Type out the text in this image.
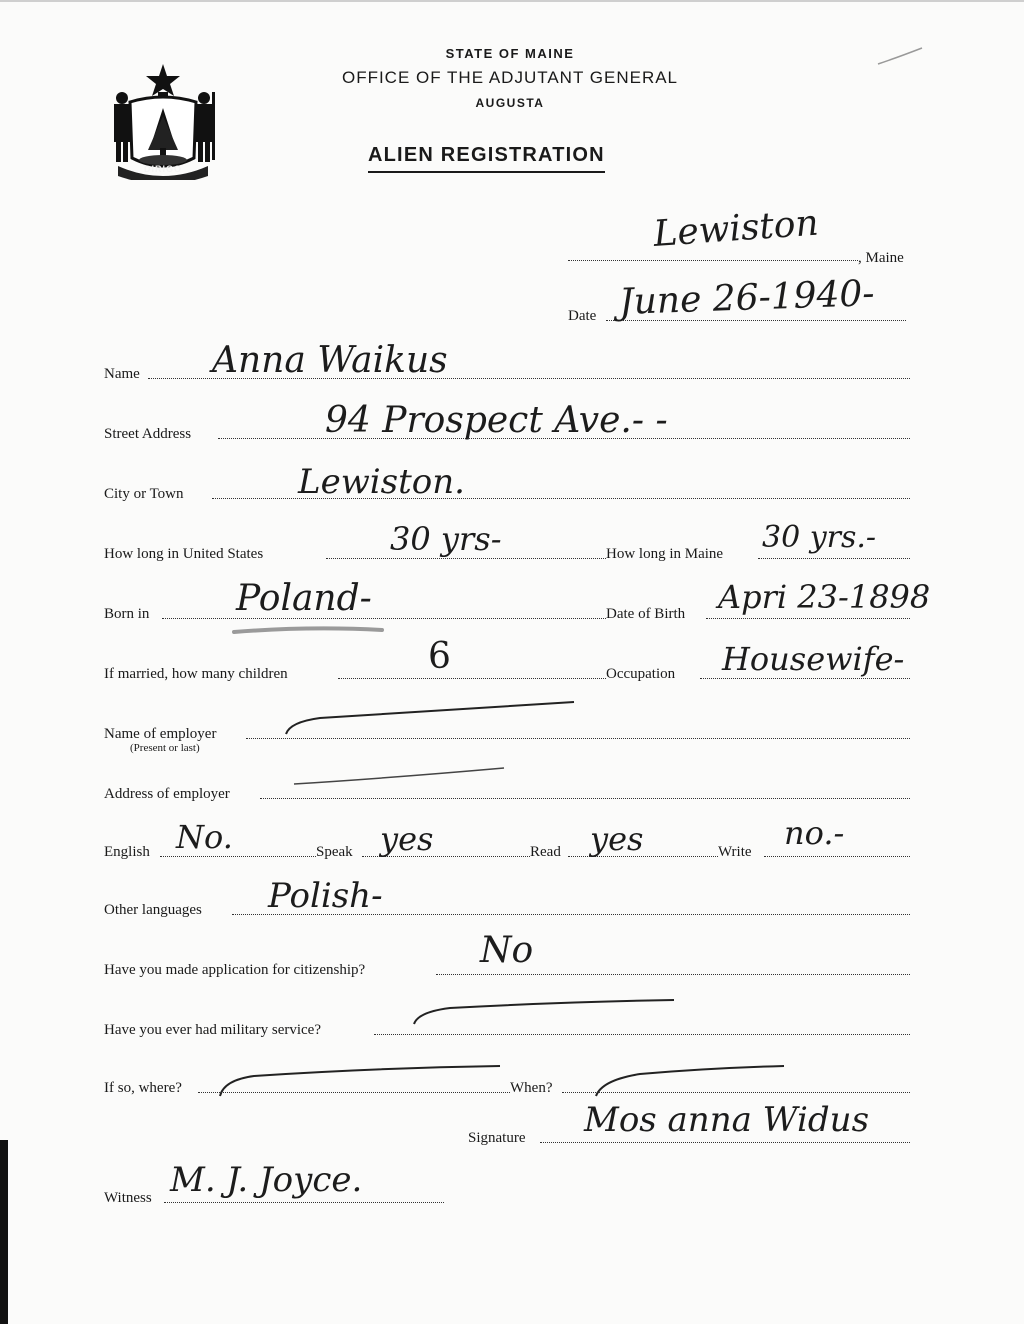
DIRIGO
STATE OF MAINE
OFFICE OF THE ADJUTANT GENERAL
AUGUSTA
ALIEN REGISTRATION
, Maine
Lewiston
Date June 26-1940-
Name Anna Waikus
Street Address	94 Prospect Ave.- -
City or Town	Lewiston.
How long in United States	30 yrs-	How long in Maine 30 yrs.-
Born in Poland-	Date of Birth Apri 23-1898
If married, how many children	6	Occupation Housewife-
Name of employer
(Present or last)
Address of employer
English No.	Speak yes	Read yes	Write no.-
Other languages Polish-
Have you made application for citizenship?	No
Have you ever had military service?
If so, where?	When?
Signature Mos anna Widus
Witness M. J. Joyce.
